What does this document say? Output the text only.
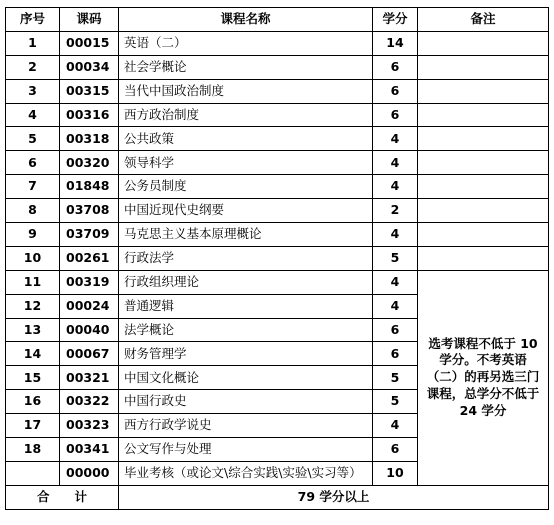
序号	课码	课程名称	学分	备注
1	00015	英语（二）	14	
2	00034	社会学概论	6	
3	00315	当代中国政治制度	6	
4	00316	西方政治制度	6	
5	00318	公共政策	4	
6	00320	领导科学	4	
7	01848	公务员制度	4	
8	03708	中国近现代史纲要	2	
9	03709	马克思主义基本原理概论	4	
10	00261	行政法学	5	
11	00319	行政组织理论	4	选考课程不低于 10 学分。不考英语（二）的再另选三门课程，总学分不低于 24 学分
12	00024	普通逻辑	4	
13	00040	法学概论	6	
14	00067	财务管理学	6	
15	00321	中国文化概论	5	
16	00322	中国行政史	5	
17	00323	西方行政学说史	4	
18	00341	公文写作与处理	6	
	00000	毕业考核（或论文\综合实践\实验\实习等）	10	
合　　计		79 学分以上		
